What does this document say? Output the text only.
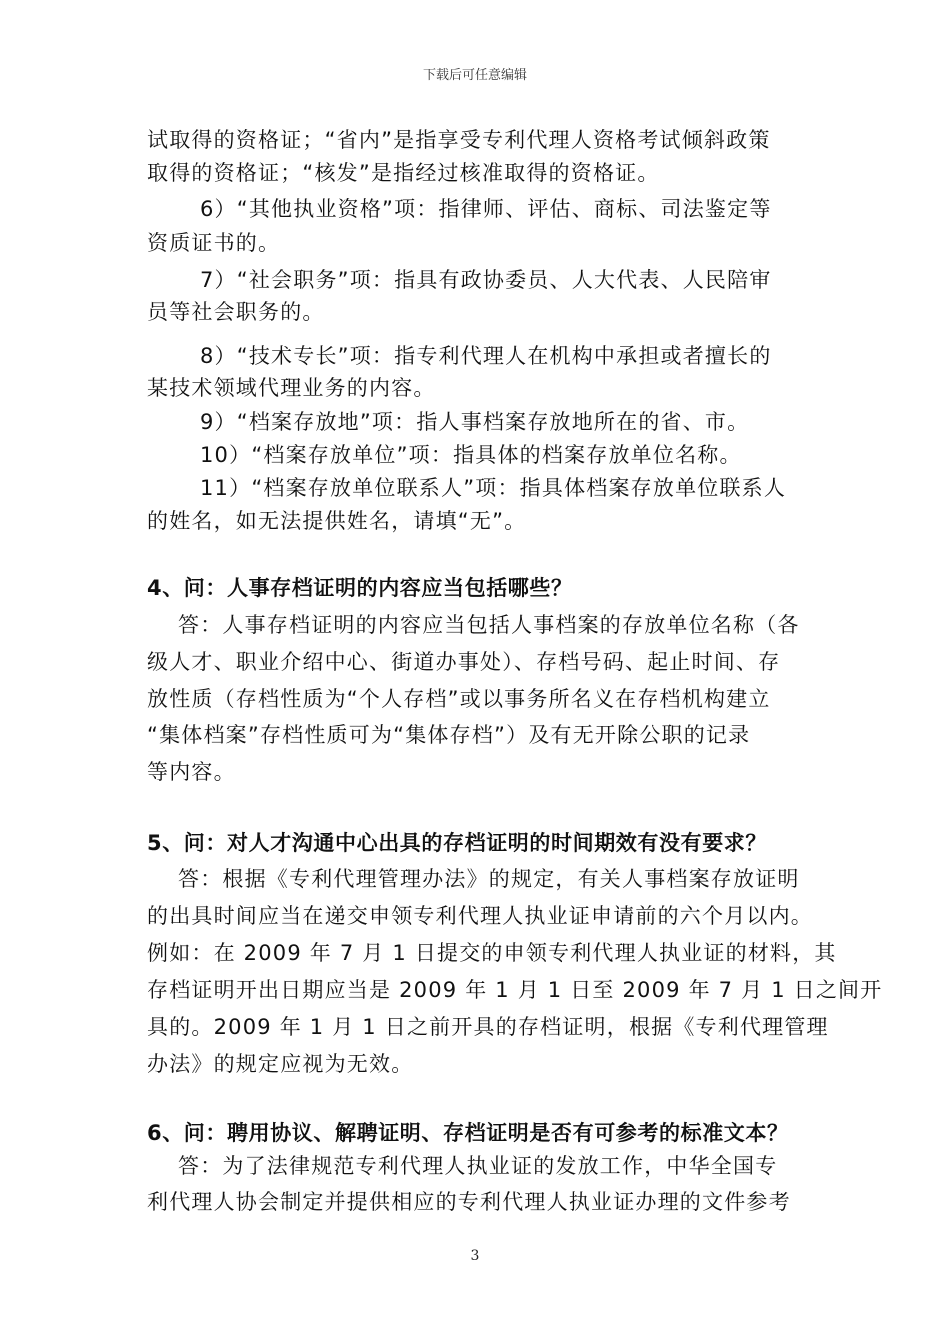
下载后可任意编辑
试取得的资格证；“省内”是指享受专利代理人资格考试倾斜政策
取得的资格证；“核发”是指经过核准取得的资格证。
6）“其他执业资格”项：指律师、评估、商标、司法鉴定等
资质证书的。
7）“社会职务”项：指具有政协委员、人大代表、人民陪审
员等社会职务的。
8）“技术专长”项：指专利代理人在机构中承担或者擅长的
某技术领域代理业务的内容。
9）“档案存放地”项：指人事档案存放地所在的省、市。
10）“档案存放单位”项：指具体的档案存放单位名称。
11）“档案存放单位联系人”项：指具体档案存放单位联系人
的姓名，如无法提供姓名，请填“无”。
4、问：人事存档证明的内容应当包括哪些？
答：人事存档证明的内容应当包括人事档案的存放单位名称（各
级人才、职业介绍中心、街道办事处）、存档号码、起止时间、存
放性质（存档性质为“个人存档”或以事务所名义在存档机构建立
“集体档案”存档性质可为“集体存档”）及有无开除公职的记录
等内容。
5、问：对人才沟通中心出具的存档证明的时间期效有没有要求？
答：根据《专利代理管理办法》的规定，有关人事档案存放证明
的出具时间应当在递交申领专利代理人执业证申请前的六个月以内。
例如：在 2009 年 7 月 1 日提交的申领专利代理人执业证的材料，其
存档证明开出日期应当是 2009 年 1 月 1 日至 2009 年 7 月 1 日之间开
具的。2009 年 1 月 1 日之前开具的存档证明，根据《专利代理管理
办法》的规定应视为无效。
6、问：聘用协议、解聘证明、存档证明是否有可参考的标准文本？
答：为了法律规范专利代理人执业证的发放工作，中华全国专
利代理人协会制定并提供相应的专利代理人执业证办理的文件参考
3
